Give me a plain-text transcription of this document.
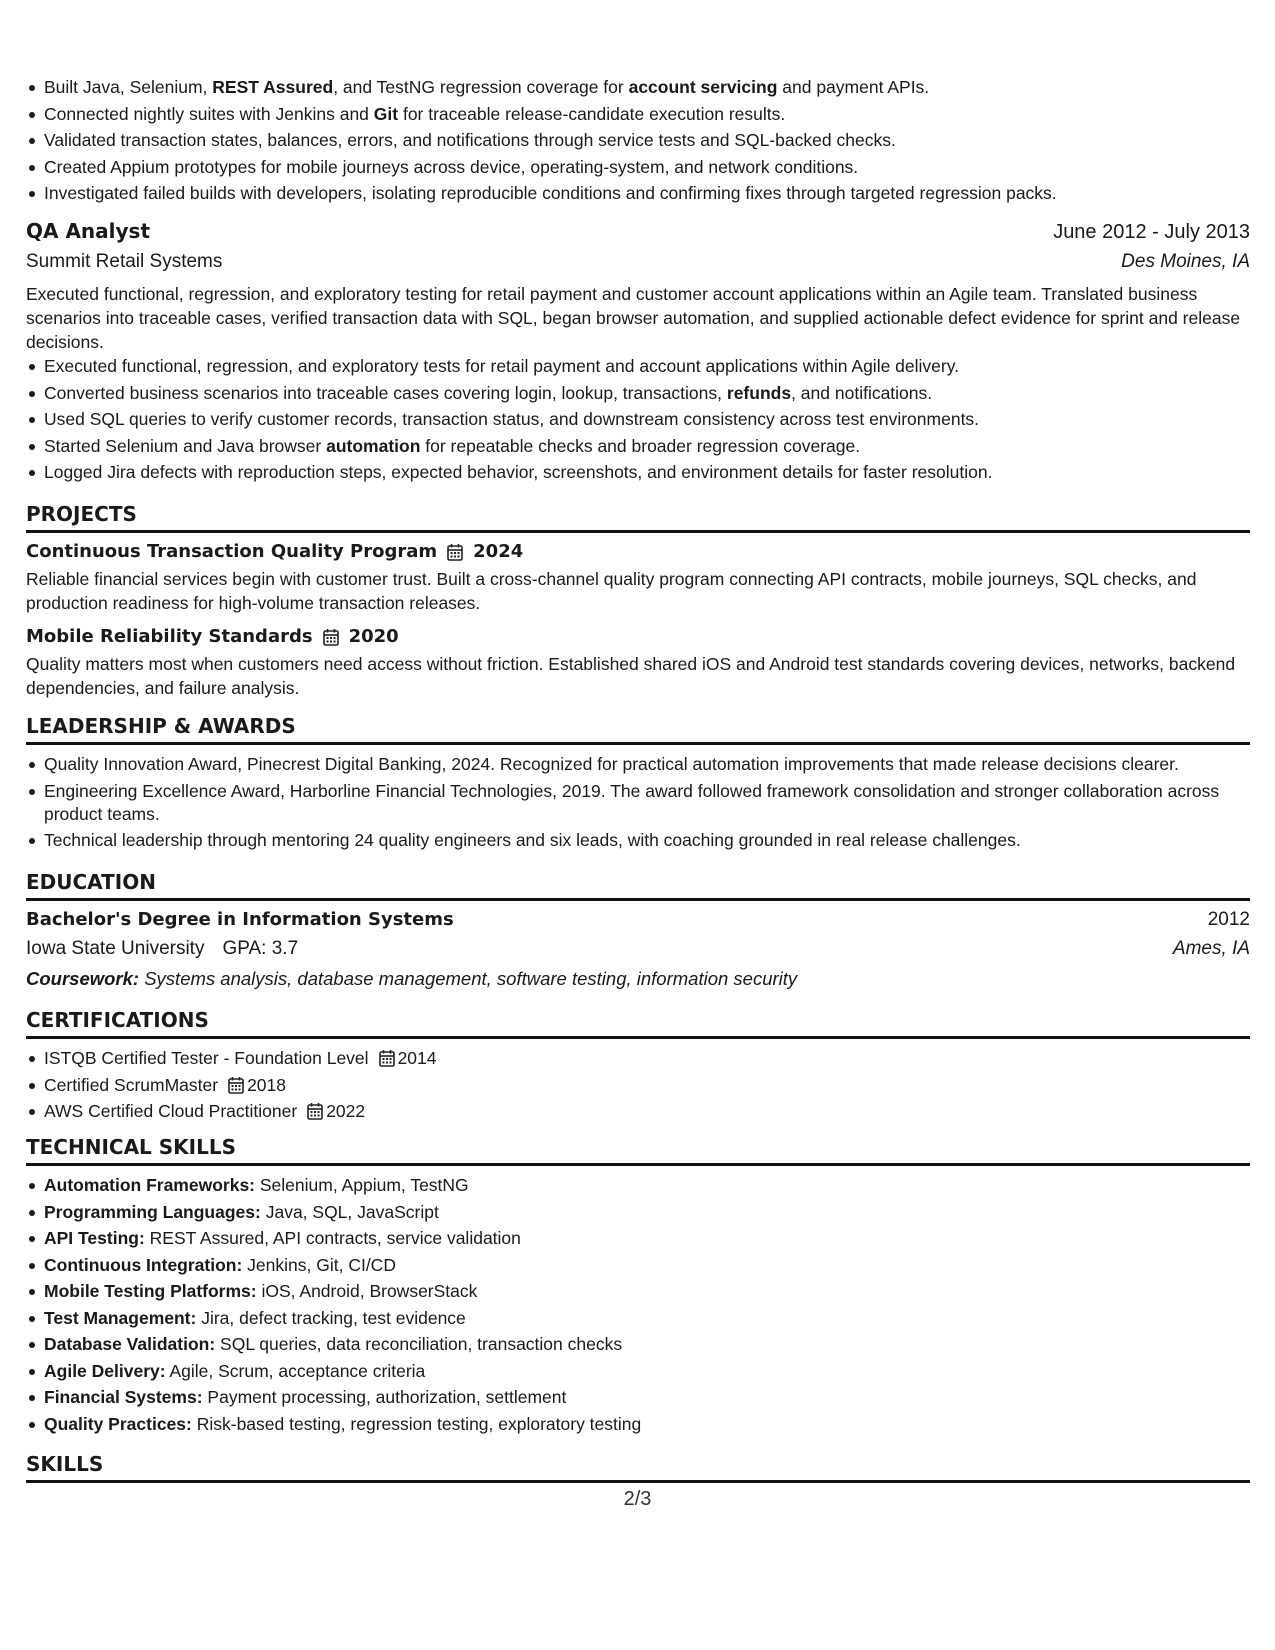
Built Java, Selenium, REST Assured, and TestNG regression coverage for account servicing and payment APIs.
Connected nightly suites with Jenkins and Git for traceable release-candidate execution results.
Validated transaction states, balances, errors, and notifications through service tests and SQL-backed checks.
Created Appium prototypes for mobile journeys across device, operating-system, and network conditions.
Investigated failed builds with developers, isolating reproducible conditions and confirming fixes through targeted regression packs.
QA Analyst	June 2012 - July 2013
Summit Retail Systems	Des Moines, IA
Executed functional, regression, and exploratory testing for retail payment and customer account applications within an Agile team. Translated business scenarios into traceable cases, verified transaction data with SQL, began browser automation, and supplied actionable defect evidence for sprint and release decisions.
Executed functional, regression, and exploratory tests for retail payment and account applications within Agile delivery.
Converted business scenarios into traceable cases covering login, lookup, transactions, refunds, and notifications.
Used SQL queries to verify customer records, transaction status, and downstream consistency across test environments.
Started Selenium and Java browser automation for repeatable checks and broader regression coverage.
Logged Jira defects with reproduction steps, expected behavior, screenshots, and environment details for faster resolution.
PROJECTS
Continuous Transaction Quality Program 2024
Reliable financial services begin with customer trust. Built a cross-channel quality program connecting API contracts, mobile journeys, SQL checks, and production readiness for high-volume transaction releases.
Mobile Reliability Standards 2020
Quality matters most when customers need access without friction. Established shared iOS and Android test standards covering devices, networks, backend dependencies, and failure analysis.
LEADERSHIP & AWARDS
Quality Innovation Award, Pinecrest Digital Banking, 2024. Recognized for practical automation improvements that made release decisions clearer.
Engineering Excellence Award, Harborline Financial Technologies, 2019. The award followed framework consolidation and stronger collaboration across product teams.
Technical leadership through mentoring 24 quality engineers and six leads, with coaching grounded in real release challenges.
EDUCATION
Bachelor's Degree in Information Systems	2012
Iowa State University GPA: 3.7	Ames, IA
Coursework: Systems analysis, database management, software testing, information security
CERTIFICATIONS
ISTQB Certified Tester - Foundation Level 2014
Certified ScrumMaster 2018
AWS Certified Cloud Practitioner 2022
TECHNICAL SKILLS
Automation Frameworks: Selenium, Appium, TestNG
Programming Languages: Java, SQL, JavaScript
API Testing: REST Assured, API contracts, service validation
Continuous Integration: Jenkins, Git, CI/CD
Mobile Testing Platforms: iOS, Android, BrowserStack
Test Management: Jira, defect tracking, test evidence
Database Validation: SQL queries, data reconciliation, transaction checks
Agile Delivery: Agile, Scrum, acceptance criteria
Financial Systems: Payment processing, authorization, settlement
Quality Practices: Risk-based testing, regression testing, exploratory testing
SKILLS
2/3
